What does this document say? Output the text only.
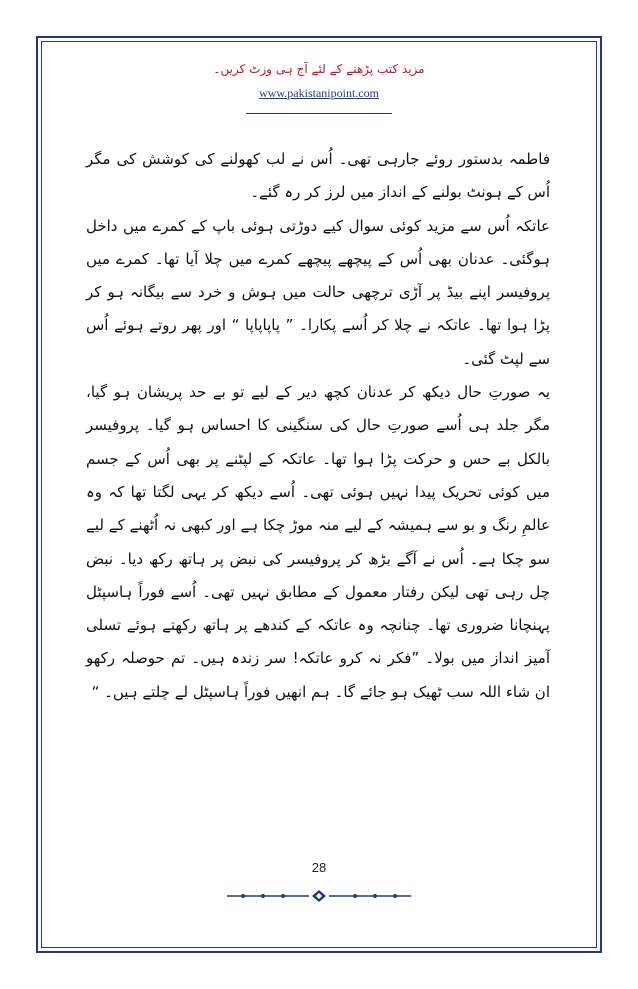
مزید کتب پڑھنے کے لئے آج ہی وزٹ کریں۔
www.pakistanipoint.com

فاطمہ بدستور روئے جارہی تھی۔ اُس نے لب کھولنے کی کوشش کی مگر اُس کے ہونٹ بولنے کے انداز میں لرز کر رہ گئے۔

عاتکہ اُس سے مزید کوئی سوال کیے دوڑتی ہوئی باپ کے کمرے میں داخل ہوگئی۔ عدنان بھی اُس کے پیچھے پیچھے کمرے میں چلا آیا تھا۔ کمرے میں پروفیسر اپنے بیڈ پر آڑی ترچھی حالت میں ہوش و خرد سے بیگانہ ہو کر پڑا ہوا تھا۔ عاتکہ نے چلا کر اُسے پکارا۔ ” پاپاپاپا “ اور پھر روتے ہوئے اُس سے لپٹ گئی۔

یہ صورتِ حال دیکھ کر عدنان کچھ دیر کے لیے تو بے حد پریشان ہو گیا، مگر جلد ہی اُسے صورتِ حال کی سنگینی کا احساس ہو گیا۔ پروفیسر بالکل بے حس و حرکت پڑا ہوا تھا۔ عاتکہ کے لپٹنے پر بھی اُس کے جسم میں کوئی تحریک پیدا نہیں ہوئی تھی۔ اُسے دیکھ کر یہی لگتا تھا کہ وہ عالمِ رنگ و بو سے ہمیشہ کے لیے منہ موڑ چکا ہے اور کبھی نہ اُٹھنے کے لیے سو چکا ہے۔ اُس نے آگے بڑھ کر پروفیسر کی نبض پر ہاتھ رکھ دیا۔ نبض چل رہی تھی لیکن رفتار معمول کے مطابق نہیں تھی۔ اُسے فوراً ہاسپٹل پہنچانا ضروری تھا۔ چنانچہ وہ عاتکہ کے کندھے پر ہاتھ رکھتے ہوئے تسلی آمیز انداز میں بولا۔ ”فکر نہ کرو عاتکہ! سر زندہ ہیں۔ تم حوصلہ رکھو ان شاء اللہ سب ٹھیک ہو جائے گا۔ ہم انھیں فوراً ہاسپٹل لے چلتے ہیں۔ “

28
